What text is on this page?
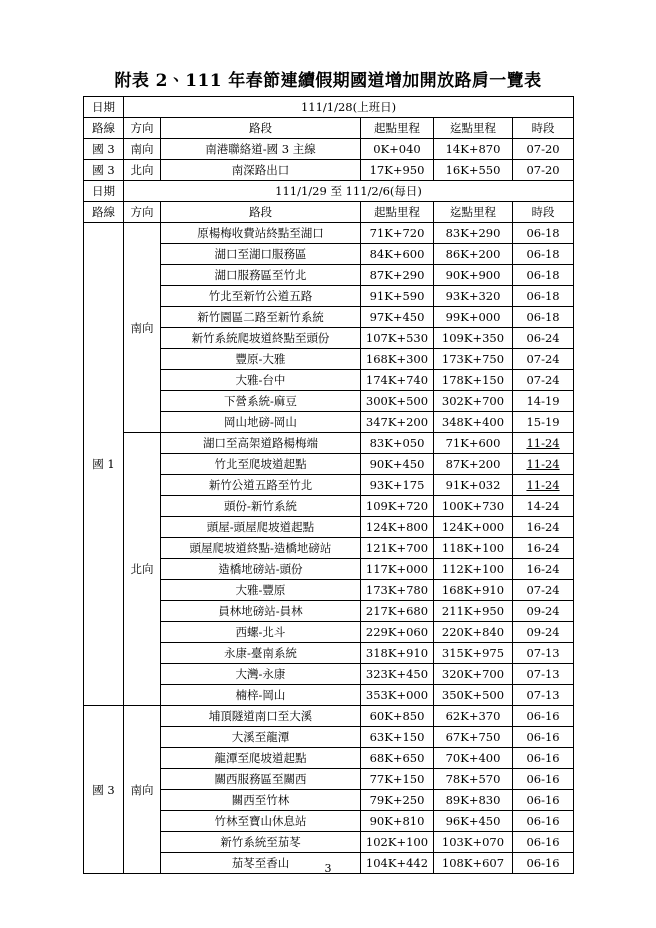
附表 2、111 年春節連續假期國道增加開放路肩一覽表
日期	111/1/28(上班日)				
路線	方向	路段	起點里程	迄點里程	時段
國 3	南向	南港聯絡道-國 3 主線	0K+040	14K+870	07-20
國 3	北向	南深路出口	17K+950	16K+550	07-20
日期	111/1/29 至 111/2/6(每日)				
路線	方向	路段	起點里程	迄點里程	時段
國 1	南向	原楊梅收費站終點至湖口	71K+720	83K+290	06-18
		湖口至湖口服務區	84K+600	86K+200	06-18
		湖口服務區至竹北	87K+290	90K+900	06-18
		竹北至新竹公道五路	91K+590	93K+320	06-18
		新竹園區二路至新竹系統	97K+450	99K+000	06-18
		新竹系統爬坡道終點至頭份	107K+530	109K+350	06-24
		豐原-大雅	168K+300	173K+750	07-24
		大雅-台中	174K+740	178K+150	07-24
		下營系統-麻豆	300K+500	302K+700	14-19
		岡山地磅-岡山	347K+200	348K+400	15-19
	北向	湖口至高架道路楊梅端	83K+050	71K+600	11-24
		竹北至爬坡道起點	90K+450	87K+200	11-24
		新竹公道五路至竹北	93K+175	91K+032	11-24
		頭份-新竹系統	109K+720	100K+730	14-24
		頭屋-頭屋爬坡道起點	124K+800	124K+000	16-24
		頭屋爬坡道終點-造橋地磅站	121K+700	118K+100	16-24
		造橋地磅站-頭份	117K+000	112K+100	16-24
		大雅-豐原	173K+780	168K+910	07-24
		員林地磅站-員林	217K+680	211K+950	09-24
		西螺-北斗	229K+060	220K+840	09-24
		永康-臺南系統	318K+910	315K+975	07-13
		大灣-永康	323K+450	320K+700	07-13
		楠梓-岡山	353K+000	350K+500	07-13
國 3	南向	埔頂隧道南口至大溪	60K+850	62K+370	06-16
		大溪至龍潭	63K+150	67K+750	06-16
		龍潭至爬坡道起點	68K+650	70K+400	06-16
		關西服務區至關西	77K+150	78K+570	06-16
		關西至竹林	79K+250	89K+830	06-16
		竹林至寶山休息站	90K+810	96K+450	06-16
		新竹系統至茄苳	102K+100	103K+070	06-16
		茄苳至香山	104K+442	108K+607	06-16
3
